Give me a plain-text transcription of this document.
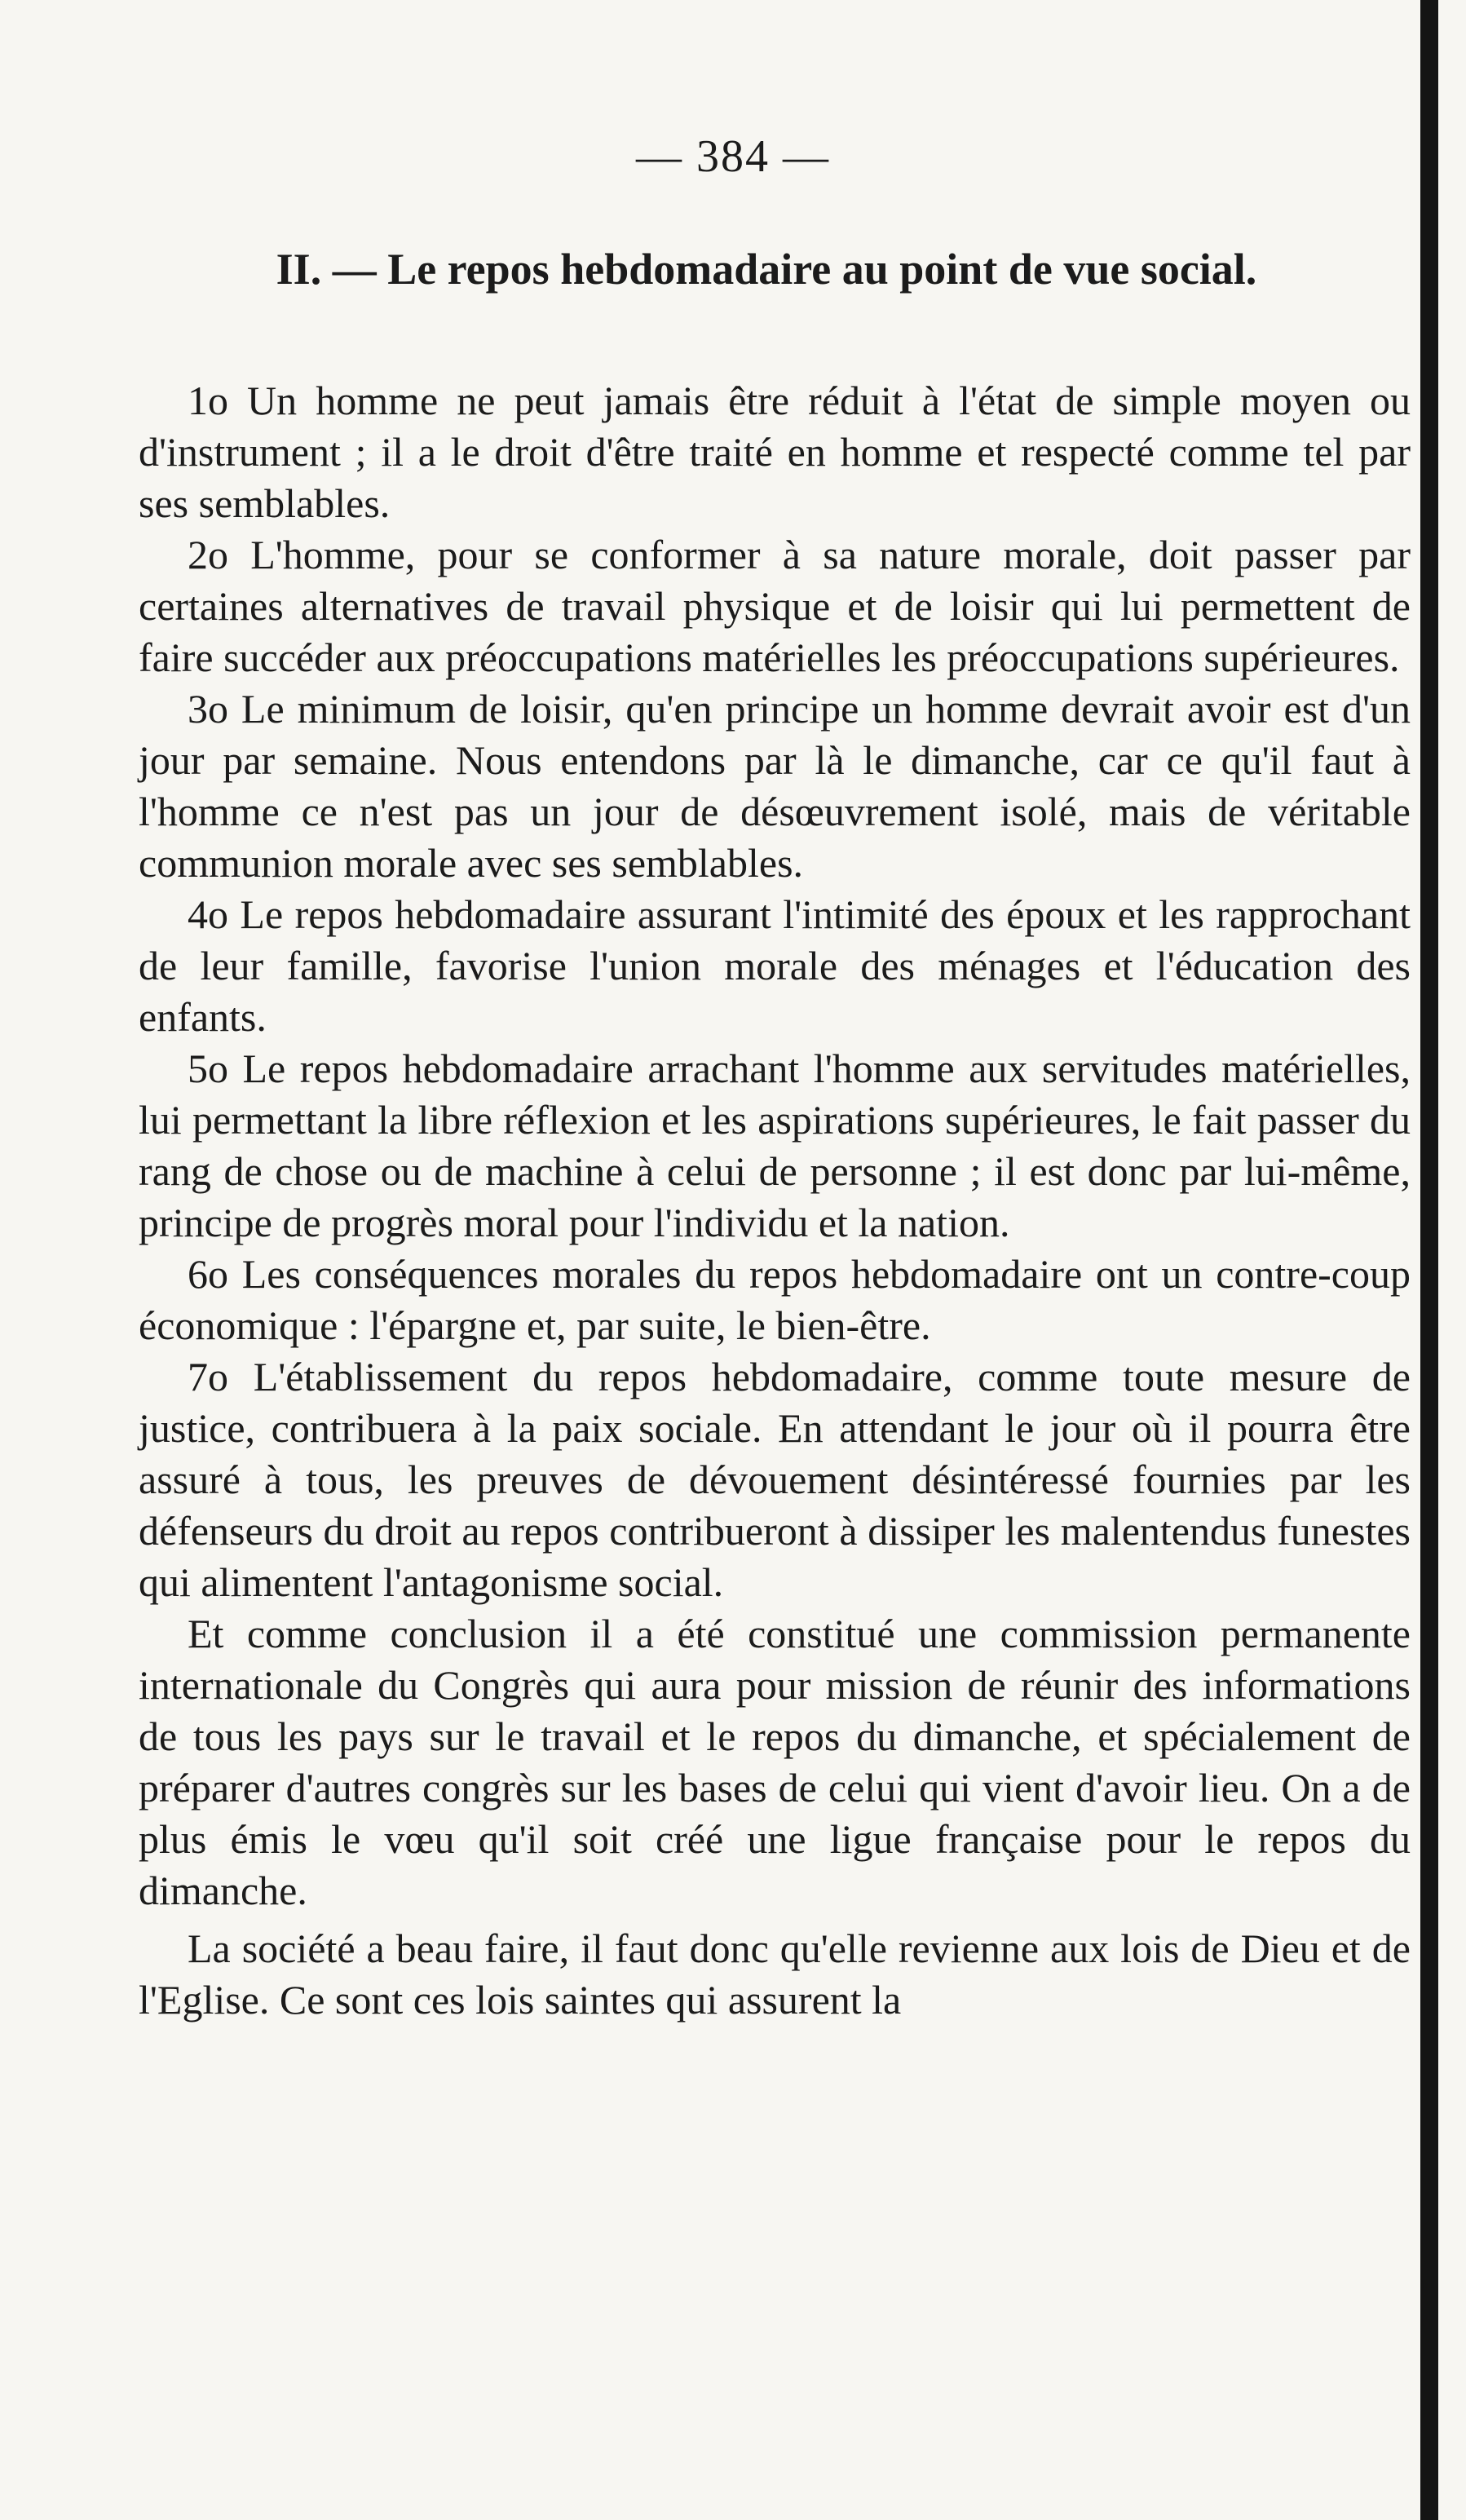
— 384 —
II. — Le repos hebdomadaire au point de vue social.

1o Un homme ne peut jamais être réduit à l'état de simple moyen ou d'instrument ; il a le droit d'être traité en homme et respecté comme tel par ses semblables.

2o L'homme, pour se conformer à sa nature morale, doit passer par certaines alternatives de travail physique et de loisir qui lui permettent de faire succéder aux préoccupations matérielles les préoccupations supérieures.

3o Le minimum de loisir, qu'en principe un homme devrait avoir est d'un jour par semaine. Nous entendons par là le dimanche, car ce qu'il faut à l'homme ce n'est pas un jour de désœuvrement isolé, mais de véritable communion morale avec ses semblables.

4o Le repos hebdomadaire assurant l'intimité des époux et les rapprochant de leur famille, favorise l'union morale des ménages et l'éducation des enfants.

5o Le repos hebdomadaire arrachant l'homme aux servitudes matérielles, lui permettant la libre réflexion et les aspirations supérieures, le fait passer du rang de chose ou de machine à celui de personne ; il est donc par lui-même, principe de progrès moral pour l'individu et la nation.

6o Les conséquences morales du repos hebdomadaire ont un contre-coup économique : l'épargne et, par suite, le bien-être.

7o L'établissement du repos hebdomadaire, comme toute mesure de justice, contribuera à la paix sociale. En attendant le jour où il pourra être assuré à tous, les preuves de dévouement désintéressé fournies par les défenseurs du droit au repos contribueront à dissiper les malentendus funestes qui alimentent l'antagonisme social.

Et comme conclusion il a été constitué une commission permanente internationale du Congrès qui aura pour mission de réunir des informations de tous les pays sur le travail et le repos du dimanche, et spécialement de préparer d'autres congrès sur les bases de celui qui vient d'avoir lieu. On a de plus émis le vœu qu'il soit créé une ligue française pour le repos du dimanche.

La société a beau faire, il faut donc qu'elle revienne aux lois de Dieu et de l'Eglise. Ce sont ces lois saintes qui assurent la
